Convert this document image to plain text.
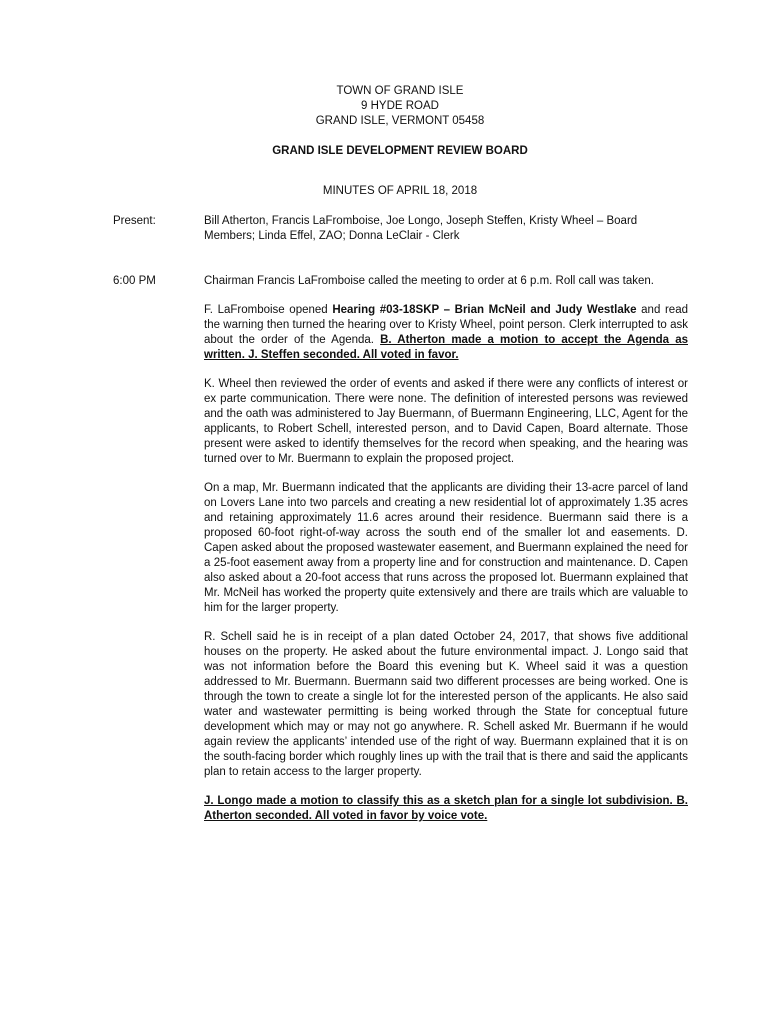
TOWN OF GRAND ISLE
9 HYDE ROAD
GRAND ISLE, VERMONT 05458
GRAND ISLE DEVELOPMENT REVIEW BOARD
MINUTES OF APRIL 18, 2018
Present:	Bill Atherton, Francis LaFromboise, Joe Longo, Joseph Steffen, Kristy Wheel – Board Members; Linda Effel, ZAO; Donna LeClair - Clerk
6:00 PM	Chairman Francis LaFromboise called the meeting to order at 6 p.m. Roll call was taken.

F. LaFromboise opened Hearing #03-18SKP – Brian McNeil and Judy Westlake and read the warning then turned the hearing over to Kristy Wheel, point person. Clerk interrupted to ask about the order of the Agenda. B. Atherton made a motion to accept the Agenda as written. J. Steffen seconded. All voted in favor.

K. Wheel then reviewed the order of events and asked if there were any conflicts of interest or ex parte communication. There were none. The definition of interested persons was reviewed and the oath was administered to Jay Buermann, of Buermann Engineering, LLC, Agent for the applicants, to Robert Schell, interested person, and to David Capen, Board alternate. Those present were asked to identify themselves for the record when speaking, and the hearing was turned over to Mr. Buermann to explain the proposed project.

On a map, Mr. Buermann indicated that the applicants are dividing their 13-acre parcel of land on Lovers Lane into two parcels and creating a new residential lot of approximately 1.35 acres and retaining approximately 11.6 acres around their residence. Buermann said there is a proposed 60-foot right-of-way across the south end of the smaller lot and easements. D. Capen asked about the proposed wastewater easement, and Buermann explained the need for a 25-foot easement away from a property line and for construction and maintenance. D. Capen also asked about a 20-foot access that runs across the proposed lot. Buermann explained that Mr. McNeil has worked the property quite extensively and there are trails which are valuable to him for the larger property.

R. Schell said he is in receipt of a plan dated October 24, 2017, that shows five additional houses on the property. He asked about the future environmental impact. J. Longo said that was not information before the Board this evening but K. Wheel said it was a question addressed to Mr. Buermann. Buermann said two different processes are being worked. One is through the town to create a single lot for the interested person of the applicants. He also said water and wastewater permitting is being worked through the State for conceptual future development which may or may not go anywhere. R. Schell asked Mr. Buermann if he would again review the applicants’ intended use of the right of way. Buermann explained that it is on the south-facing border which roughly lines up with the trail that is there and said the applicants plan to retain access to the larger property.

J. Longo made a motion to classify this as a sketch plan for a single lot subdivision. B. Atherton seconded. All voted in favor by voice vote.
